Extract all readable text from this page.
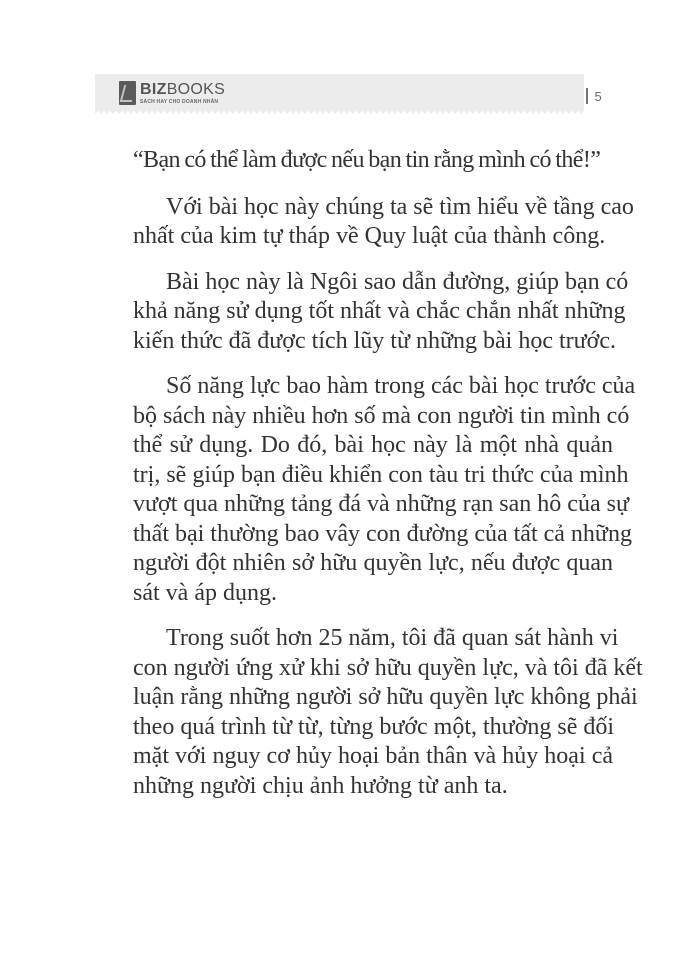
BIZBOOKS
SÁCH HAY CHO DOANH NHÂN	5

“Bạn có thể làm được nếu bạn tin rằng mình có thể!”

Với bài học này chúng ta sẽ tìm hiểu về tầng cao
nhất của kim tự tháp về Quy luật của thành công.

Bài học này là Ngôi sao dẫn đường, giúp bạn có
khả năng sử dụng tốt nhất và chắc chắn nhất những
kiến thức đã được tích lũy từ những bài học trước.

Số năng lực bao hàm trong các bài học trước của
bộ sách này nhiều hơn số mà con người tin mình có
thể sử dụng. Do đó, bài học này là một nhà quản
trị, sẽ giúp bạn điều khiển con tàu tri thức của mình
vượt qua những tảng đá và những rạn san hô của sự
thất bại thường bao vây con đường của tất cả những
người đột nhiên sở hữu quyền lực, nếu được quan
sát và áp dụng.

Trong suốt hơn 25 năm, tôi đã quan sát hành vi
con người ứng xử khi sở hữu quyền lực, và tôi đã kết
luận rằng những người sở hữu quyền lực không phải
theo quá trình từ từ, từng bước một, thường sẽ đối
mặt với nguy cơ hủy hoại bản thân và hủy hoại cả
những người chịu ảnh hưởng từ anh ta.
